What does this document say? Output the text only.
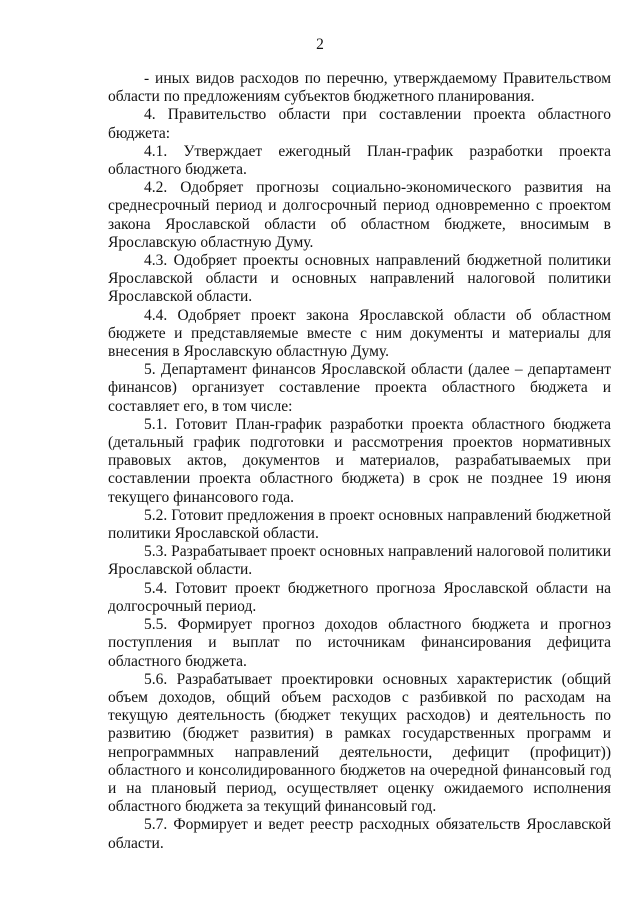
2

- иных видов расходов по перечню, утверждаемому Правительством области по предложениям субъектов бюджетного планирования.

4. Правительство области при составлении проекта областного бюджета:

4.1. Утверждает ежегодный План-график разработки проекта областного бюджета.

4.2. Одобряет прогнозы социально-экономического развития на среднесрочный период и долгосрочный период одновременно с проектом закона Ярославской области об областном бюджете, вносимым в Ярославскую областную Думу.

4.3. Одобряет проекты основных направлений бюджетной политики Ярославской области и основных направлений налоговой политики Ярославской области.

4.4. Одобряет проект закона Ярославской области об областном бюджете и представляемые вместе с ним документы и материалы для внесения в Ярославскую областную Думу.

5. Департамент финансов Ярославской области (далее – департамент финансов) организует составление проекта областного бюджета и составляет его, в том числе:

5.1. Готовит План-график разработки проекта областного бюджета (детальный график подготовки и рассмотрения проектов нормативных правовых актов, документов и материалов, разрабатываемых при составлении проекта областного бюджета) в срок не позднее 19 июня текущего финансового года.

5.2. Готовит предложения в проект основных направлений бюджетной политики Ярославской области.

5.3. Разрабатывает проект основных направлений налоговой политики Ярославской области.

5.4. Готовит проект бюджетного прогноза Ярославской области на долгосрочный период.

5.5. Формирует прогноз доходов областного бюджета и прогноз поступления и выплат по источникам финансирования дефицита областного бюджета.

5.6. Разрабатывает проектировки основных характеристик (общий объем доходов, общий объем расходов с разбивкой по расходам на текущую деятельность (бюджет текущих расходов) и деятельность по развитию (бюджет развития) в рамках государственных программ и непрограммных направлений деятельности, дефицит (профицит)) областного и консолидированного бюджетов на очередной финансовый год и на плановый период, осуществляет оценку ожидаемого исполнения областного бюджета за текущий финансовый год.

5.7. Формирует и ведет реестр расходных обязательств Ярославской области.
